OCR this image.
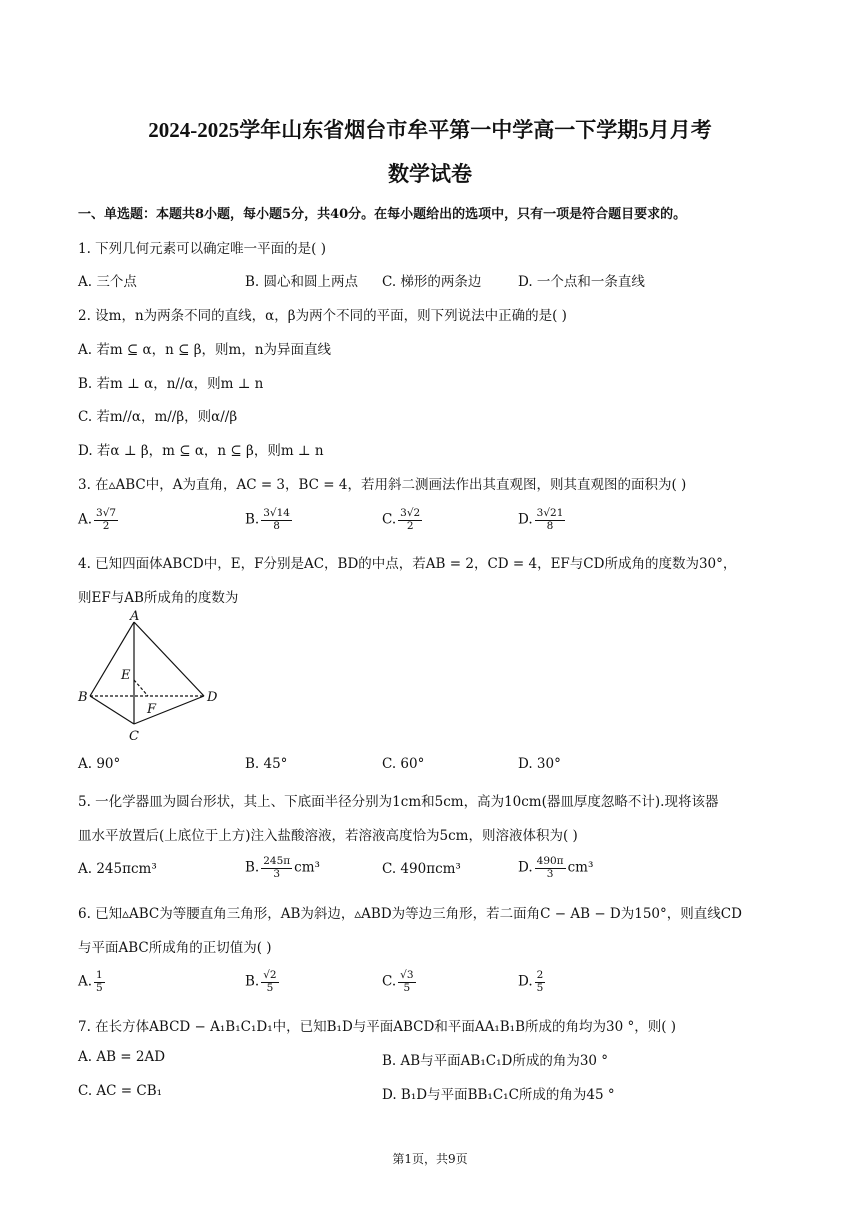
2024-2025学年山东省烟台市牟平第一中学高一下学期5月月考
数学试卷
一、单选题：本题共8小题，每小题5分，共40分。在每小题给出的选项中，只有一项是符合题目要求的。
1. 下列几何元素可以确定唯一平面的是( )
A. 三个点	B. 圆心和圆上两点 C. 梯形的两条边	D. 一个点和一条直线
2. 设m，n为两条不同的直线，α，β为两个不同的平面，则下列说法中正确的是( )
A. 若m ⊆ α，n ⊆ β，则m，n为异面直线
B. 若m ⊥ α，n//α，则m ⊥ n
C. 若m//α，m//β，则α//β
D. 若α ⊥ β，m ⊆ α，n ⊆ β，则m ⊥ n
3. 在▵ABC中，A为直角，AC = 3，BC = 4，若用斜二测画法作出其直观图，则其直观图的面积为( )
A. $\frac{3√7}{2}$	B. $\frac{3√14}{8}$	C. $\frac{3√2}{2}$	D. $\frac{3√21}{8}$
4. 已知四面体ABCD中，E，F分别是AC，BD的中点，若AB = 2，CD = 4，EF与CD所成角的度数为30°，
则EF与AB所成角的度数为
A
B
C
D
E
F
A. 90°	B. 45°	C. 60°	D. 30°
5. 一化学器皿为圆台形状，其上、下底面半径分别为1cm和5cm，高为10cm(器皿厚度忽略不计).现将该器
皿水平放置后(上底位于上方)注入盐酸溶液，若溶液高度恰为5cm，则溶液体积为( )
A. 245πcm³	B. $\frac{245\pi}{3} cm^3$	C. 490πcm³	D. $\frac{490\pi}{3} cm^3$
6. 已知▵ABC为等腰直角三角形，AB为斜边，▵ABD为等边三角形，若二面角C − AB − D为150°，则直线CD
与平面ABC所成角的正切值为( )
A. $\frac{1}{5}$	B. $\frac{√2}{5}$	C. $\frac{√3}{5}$	D. $\frac{2}{5}$
7. 在长方体ABCD − A₁B₁C₁D₁中，已知B₁D与平面ABCD和平面AA₁B₁B所成的角均为30 °，则( )
A. AB = 2AD	B. AB与平面AB₁C₁D所成的角为30 °
C. AC = CB₁	D. B₁D与平面BB₁C₁C所成的角为45 °
第1页，共9页
